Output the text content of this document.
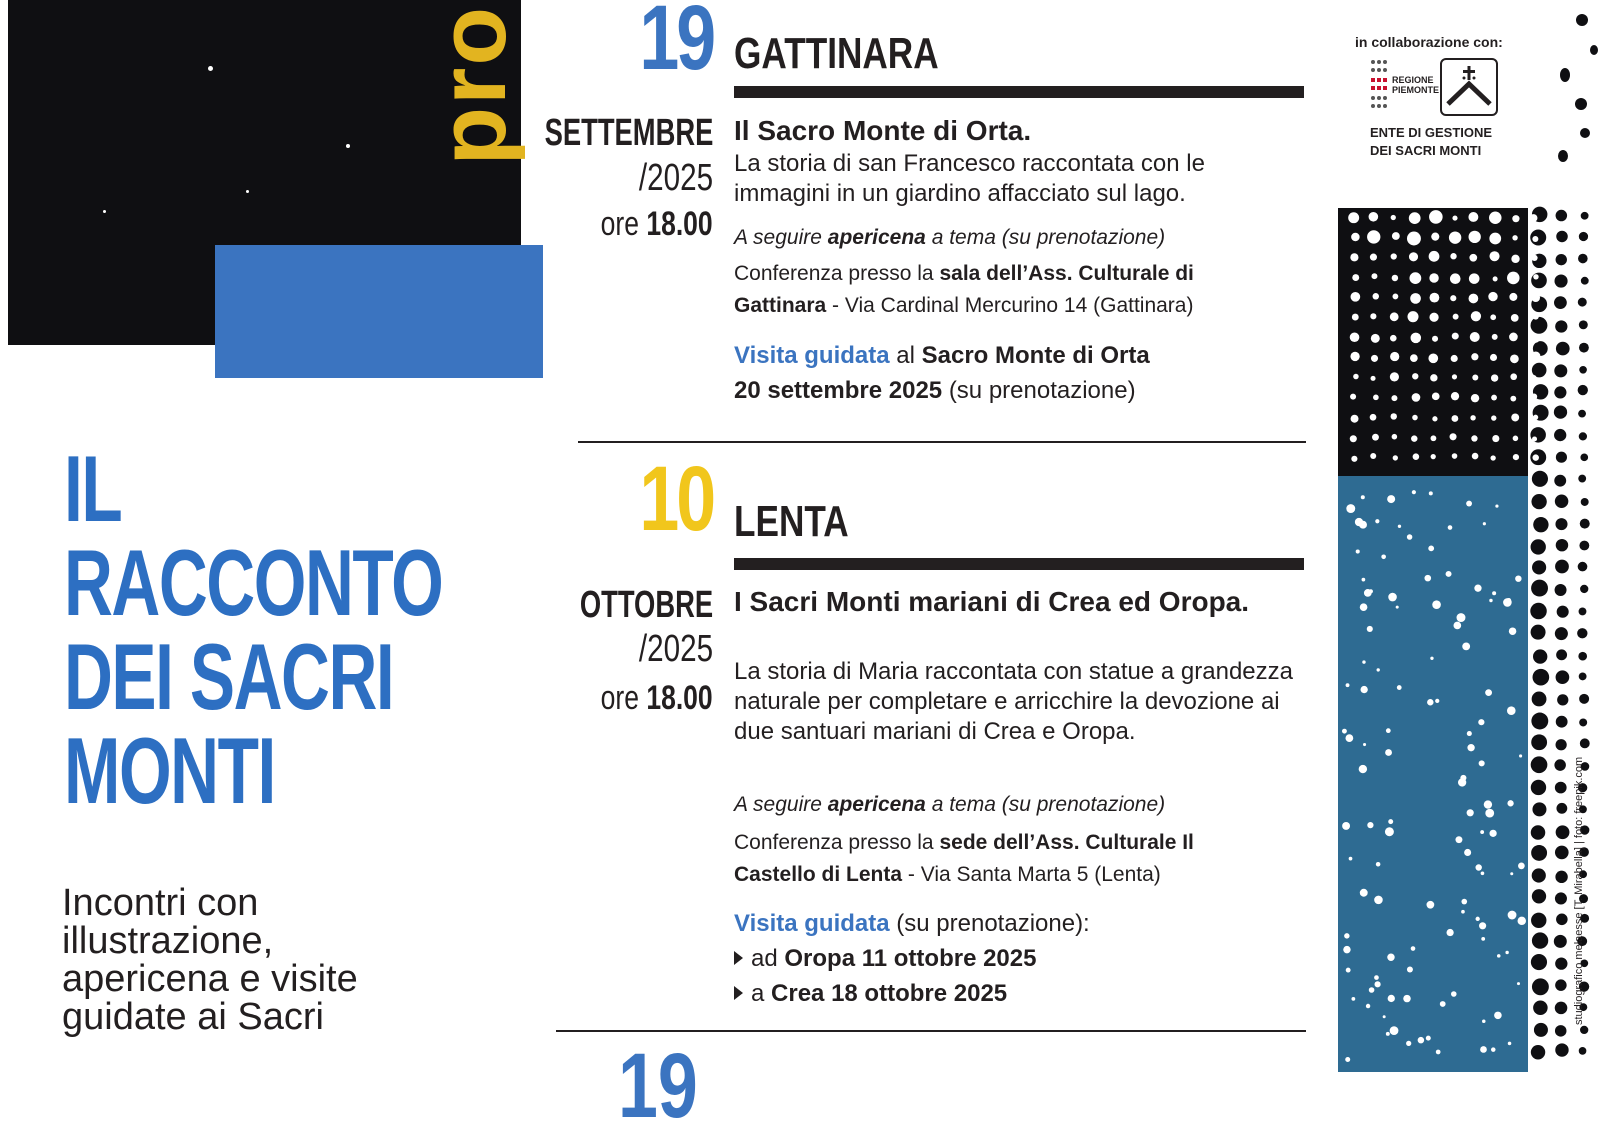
pro
IL
RACCONTO
DEI SACRI
MONTI
Incontri con
illustrazione,
apericena e visite
guidate ai Sacri
19 GATTINARA
SETTEMBRE
/2025
ore 18.00
Il Sacro Monte di Orta.
La storia di san Francesco raccontata con le immagini in un giardino affacciato sul lago.
A seguire apericena a tema (su prenotazione)
Conferenza presso la sala dell’Ass. Culturale di Gattinara - Via Cardinal Mercurino 14 (Gattinara)
Visita guidata al Sacro Monte di Orta
20 settembre 2025 (su prenotazione)
10 LENTA
OTTOBRE
/2025
ore 18.00
I Sacri Monti mariani di Crea ed Oropa.
La storia di Maria raccontata con statue a grandezza naturale per completare e arricchire la devozione ai due santuari mariani di Crea e Oropa.
A seguire apericena a tema (su prenotazione)
Conferenza presso la sede dell’Ass. Culturale Il Castello di Lenta - Via Santa Marta 5 (Lenta)
Visita guidata (su prenotazione):
ad Oropa 11 ottobre 2025
a Crea 18 ottobre 2025
19
in collaborazione con:
REGIONE PIEMONTE
ENTE DI GESTIONE
DEI SACRI MONTI
studiografico.melaesse [T. Mirabella] | foto: freepik.com
